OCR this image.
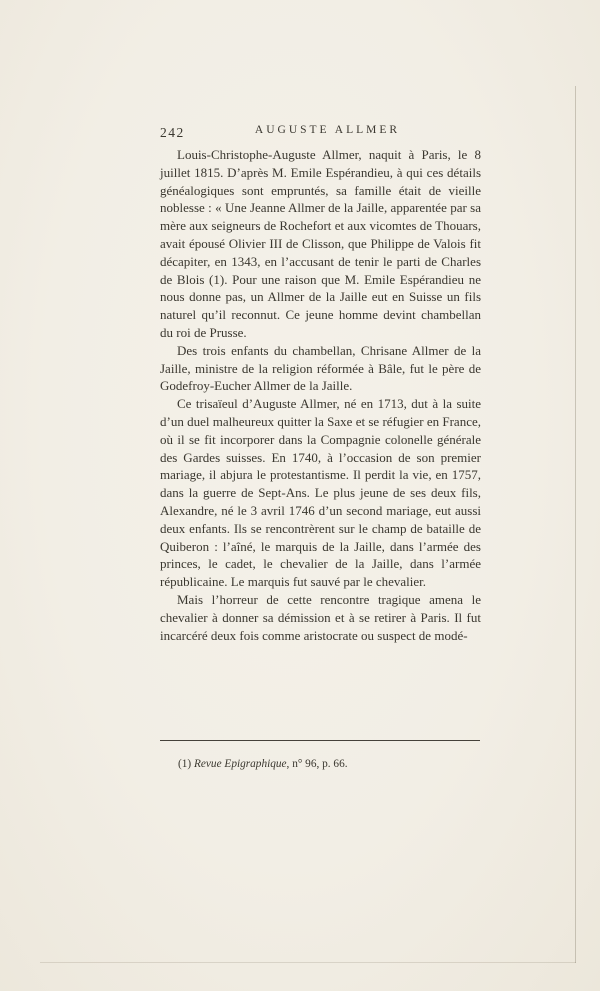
242	AUGUSTE ALLMER

Louis-Christophe-Auguste Allmer, naquit à Paris, le 8 juillet 1815. D’après M. Emile Espérandieu, à qui ces détails généalogiques sont empruntés, sa famille était de vieille noblesse : « Une Jeanne Allmer de la Jaille, apparentée par sa mère aux seigneurs de Rochefort et aux vicomtes de Thouars, avait épousé Olivier III de Clisson, que Philippe de Valois fit décapiter, en 1343, en l’accusant de tenir le parti de Charles de Blois (1). Pour une raison que M. Emile Espérandieu ne nous donne pas, un Allmer de la Jaille eut en Suisse un fils naturel qu’il reconnut. Ce jeune homme devint chambellan du roi de Prusse.

Des trois enfants du chambellan, Chrisane Allmer de la Jaille, ministre de la religion réformée à Bâle, fut le père de Godefroy-Eucher Allmer de la Jaille.

Ce trisaïeul d’Auguste Allmer, né en 1713, dut à la suite d’un duel malheureux quitter la Saxe et se réfugier en France, où il se fit incorporer dans la Compagnie colonelle générale des Gardes suisses. En 1740, à l’occasion de son premier mariage, il abjura le protestantisme. Il perdit la vie, en 1757, dans la guerre de Sept-Ans. Le plus jeune de ses deux fils, Alexandre, né le 3 avril 1746 d’un second mariage, eut aussi deux enfants. Ils se rencontrèrent sur le champ de bataille de Quiberon : l’aîné, le marquis de la Jaille, dans l’armée des princes, le cadet, le chevalier de la Jaille, dans l’armée républicaine. Le marquis fut sauvé par le chevalier.

Mais l’horreur de cette rencontre tragique amena le chevalier à donner sa démission et à se retirer à Paris. Il fut incarcéré deux fois comme aristocrate ou suspect de modé-

(1) Revue Epigraphique, n° 96, p. 66.
